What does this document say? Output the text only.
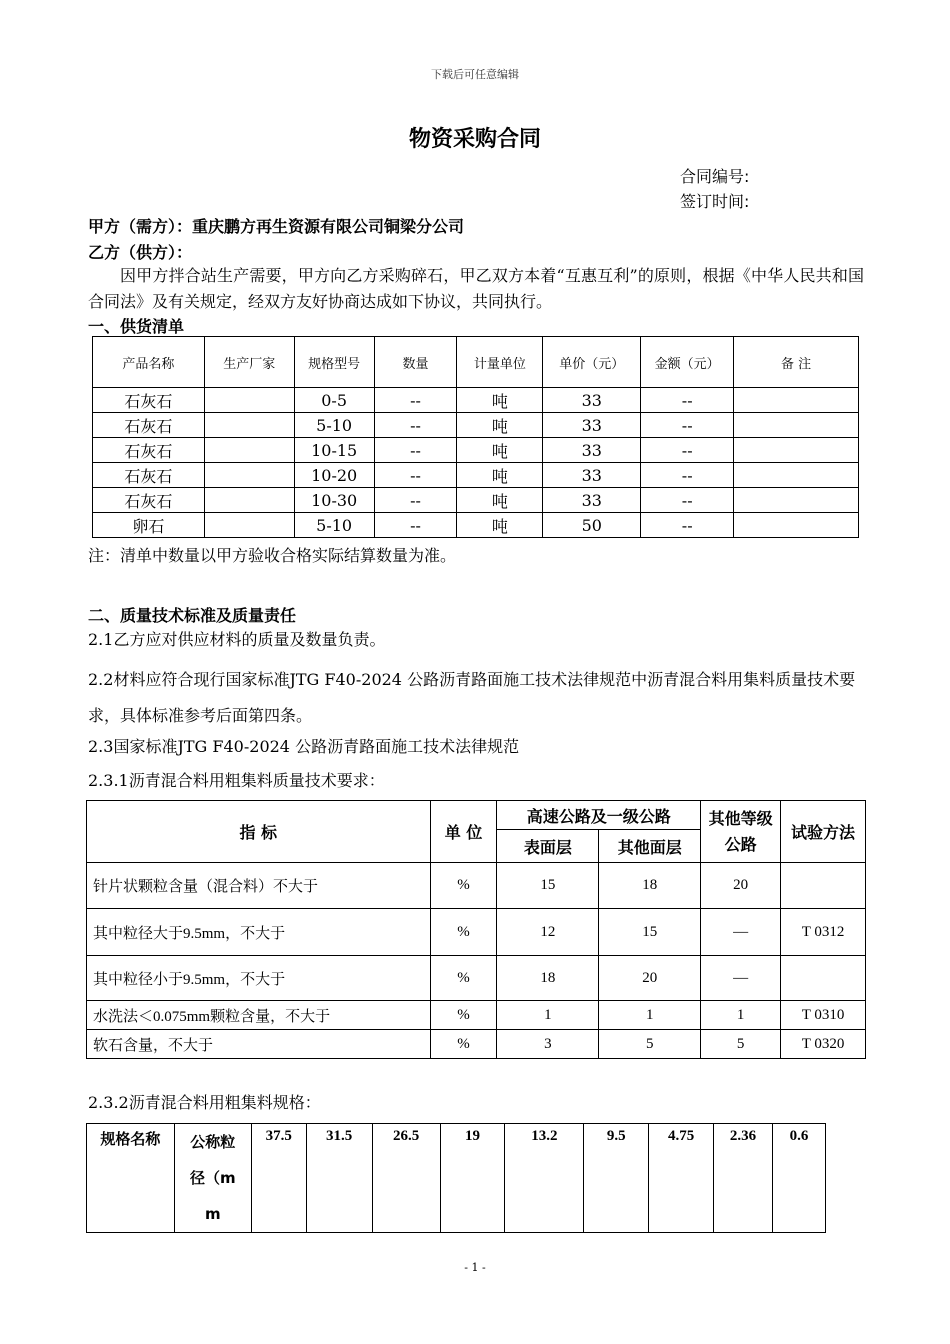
下载后可任意编辑
物资采购合同
合同编号:
签订时间:
甲方（需方）：重庆鹏方再生资源有限公司铜梁分公司
乙方（供方）：
因甲方拌合站生产需要，甲方向乙方采购碎石，甲乙双方本着“互惠互利”的原则，根据《中华人民共和国合同法》及有关规定，经双方友好协商达成如下协议，共同执行。
一、供货清单
产品名称	生产厂家	规格型号	数量	计量单位	单价（元）	金额（元）	备 注
石灰石		0-5	--	吨	33	--	
石灰石		5-10	--	吨	33	--	
石灰石		10-15	--	吨	33	--	
石灰石		10-20	--	吨	33	--	
石灰石		10-30	--	吨	33	--	
卵石		5-10	--	吨	50	--	
注：清单中数量以甲方验收合格实际结算数量为准。
二、质量技术标准及质量责任
2.1乙方应对供应材料的质量及数量负责。
2.2材料应符合现行国家标准JTG F40-2024 公路沥青路面施工技术法律规范中沥青混合料用集料质量技术要求，具体标准参考后面第四条。
2.3国家标准JTG F40-2024 公路沥青路面施工技术法律规范
2.3.1沥青混合料用粗集料质量技术要求：
指 标	单 位	高速公路及一级公路		其他等级公路	试验方法
		表面层	其他面层		
针片状颗粒含量（混合料）不大于	%	15	18	20	
其中粒径大于9.5mm，不大于	%	12	15	—	T 0312
其中粒径小于9.5mm，不大于	%	18	20	—	
水洗法＜0.075mm颗粒含量，不大于	%	1	1	1	T 0310
软石含量，不大于	%	3	5	5	T 0320
2.3.2沥青混合料用粗集料规格：
规格名称	公称粒径（mm	37.5	31.5	26.5	19	13.2	9.5	4.75	2.36	0.6
- 1 -
